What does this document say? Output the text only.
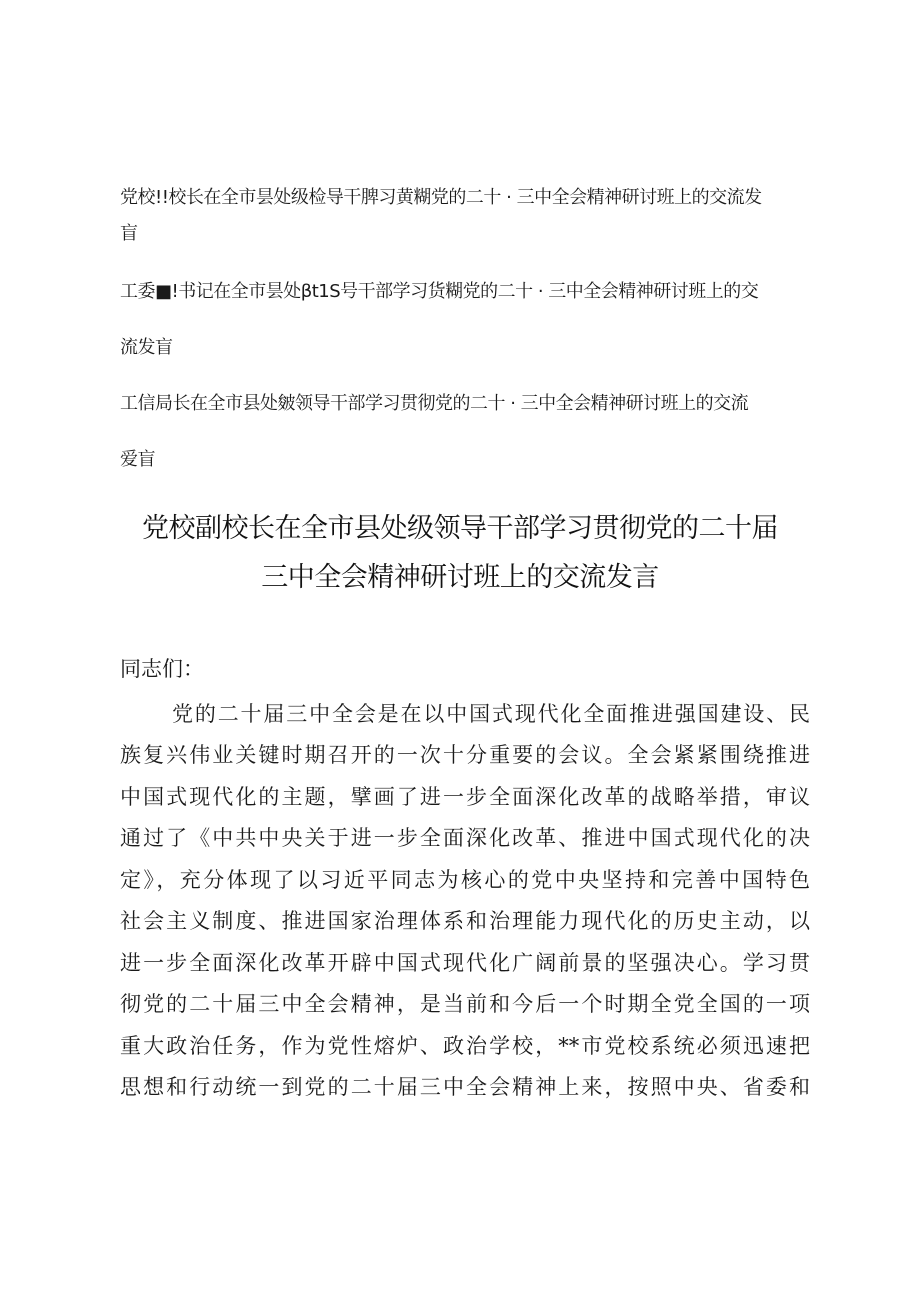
党校!!校长在全市昙处级检导干脾习黄糊党的二十 · 三中全会精神研讨班上的交流发
盲
工委■!书记在全市昙处βt1S号干部学习货糊党的二十 · 三中全会精神研讨班上的交
流发盲
工信局长在全市县处皴领导干部学习贯彻党的二十 · 三中全会精神研讨班上的交流
爱盲
党校副校长在全市县处级领导干部学习贯彻党的二十届
三中全会精神研讨班上的交流发言
同志们：
党的二十届三中全会是在以中国式现代化全面推进强国建设、民
族复兴伟业关键时期召开的一次十分重要的会议。全会紧紧围绕推进
中国式现代化的主题，擘画了进一步全面深化改革的战略举措，审议
通过了《中共中央关于进一步全面深化改革、推进中国式现代化的决
定》，充分体现了以习近平同志为核心的党中央坚持和完善中国特色
社会主义制度、推进国家治理体系和治理能力现代化的历史主动，以
进一步全面深化改革开辟中国式现代化广阔前景的坚强决心。学习贯
彻党的二十届三中全会精神，是当前和今后一个时期全党全国的一项
重大政治任务，作为党性熔炉、政治学校，**市党校系统必须迅速把
思想和行动统一到党的二十届三中全会精神上来，按照中央、省委和
